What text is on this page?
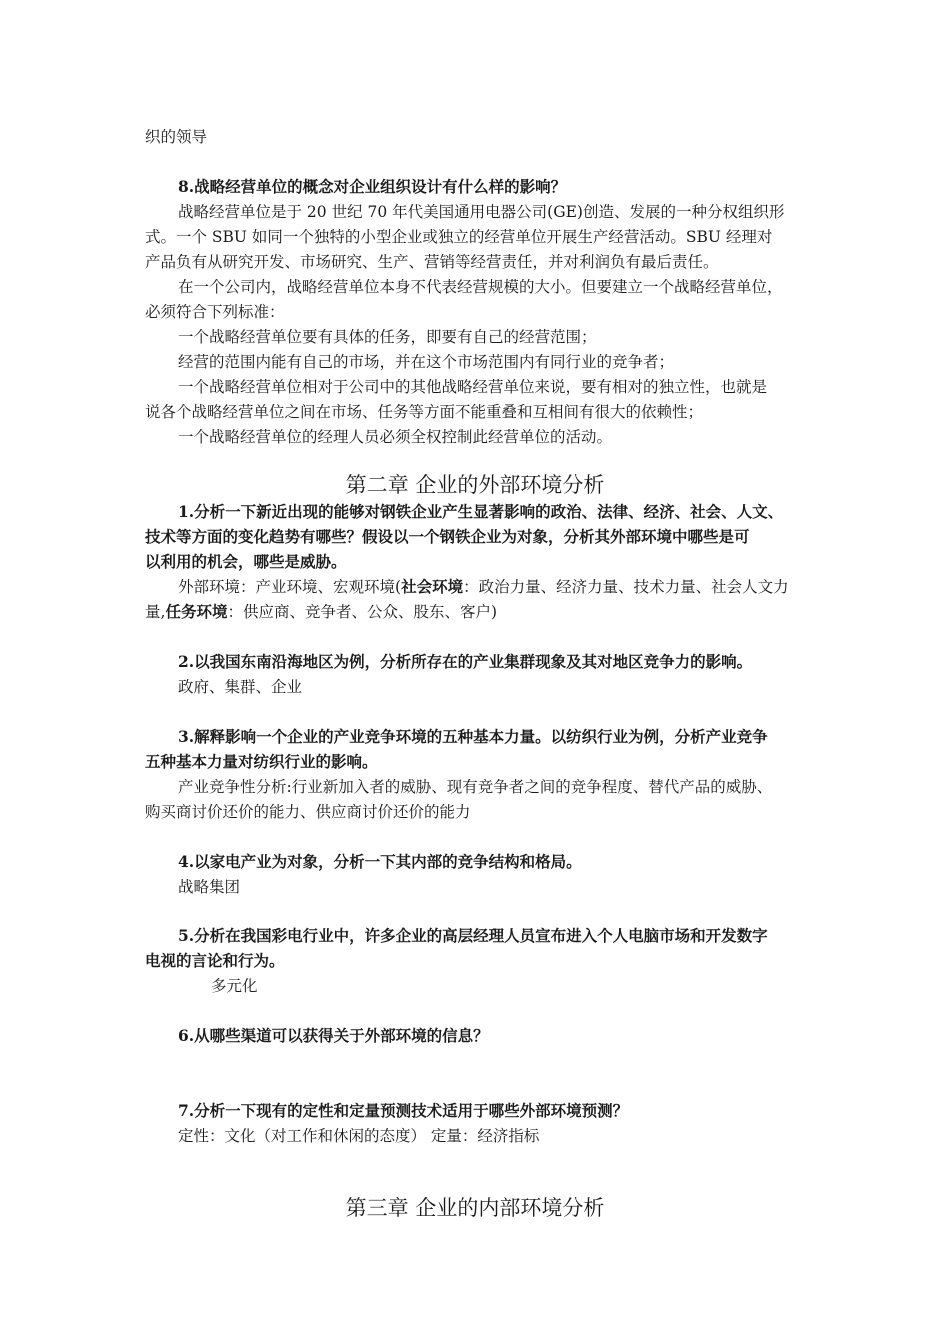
织的领导
8.战略经营单位的概念对企业组织设计有什么样的影响？
战略经营单位是于 20 世纪 70 年代美国通用电器公司(GE)创造、发展的一种分权组织形
式。一个 SBU 如同一个独特的小型企业或独立的经营单位开展生产经营活动。SBU 经理对
产品负有从研究开发、市场研究、生产、营销等经营责任，并对利润负有最后责任。
在一个公司内，战略经营单位本身不代表经营规模的大小。但要建立一个战略经营单位，
必须符合下列标准：
一个战略经营单位要有具体的任务，即要有自己的经营范围；
经营的范围内能有自己的市场，并在这个市场范围内有同行业的竞争者；
一个战略经营单位相对于公司中的其他战略经营单位来说，要有相对的独立性，也就是
说各个战略经营单位之间在市场、任务等方面不能重叠和互相间有很大的依赖性；
一个战略经营单位的经理人员必须全权控制此经营单位的活动。
第二章 企业的外部环境分析
1.分析一下新近出现的能够对钢铁企业产生显著影响的政治、法律、经济、社会、人文、
技术等方面的变化趋势有哪些？假设以一个钢铁企业为对象，分析其外部环境中哪些是可
以利用的机会，哪些是威胁。
外部环境：产业环境、宏观环境(社会环境：政治力量、经济力量、技术力量、社会人文力
量,任务环境：供应商、竞争者、公众、股东、客户)
2.以我国东南沿海地区为例，分析所存在的产业集群现象及其对地区竞争力的影响。
政府、集群、企业
3.解释影响一个企业的产业竞争环境的五种基本力量。以纺织行业为例，分析产业竞争
五种基本力量对纺织行业的影响。
产业竞争性分析:行业新加入者的威胁、现有竞争者之间的竞争程度、替代产品的威胁、
购买商讨价还价的能力、供应商讨价还价的能力
4.以家电产业为对象，分析一下其内部的竞争结构和格局。
战略集团
5.分析在我国彩电行业中，许多企业的高层经理人员宣布进入个人电脑市场和开发数字
电视的言论和行为。
多元化
6.从哪些渠道可以获得关于外部环境的信息？
7.分析一下现有的定性和定量预测技术适用于哪些外部环境预测？
定性：文化（对工作和休闲的态度） 定量：经济指标
第三章 企业的内部环境分析
